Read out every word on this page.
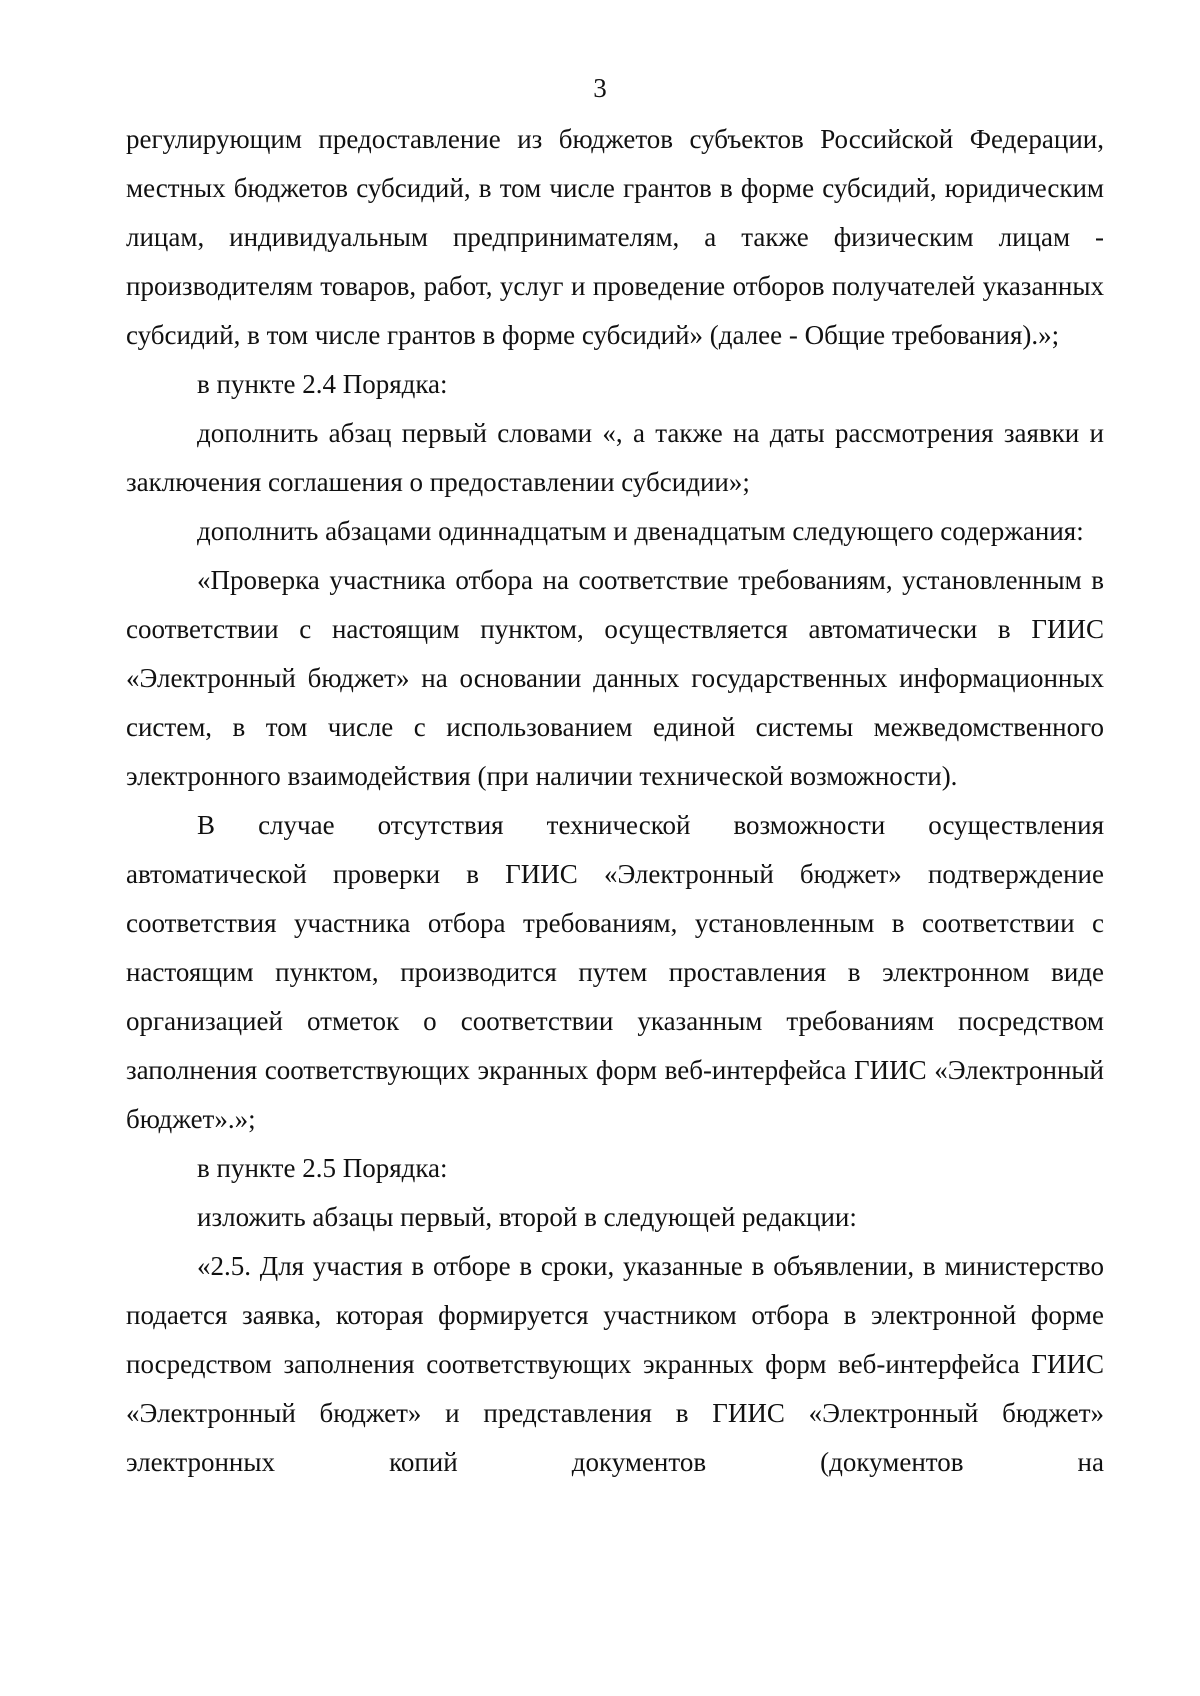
3

регулирующим предоставление из бюджетов субъектов Российской Федерации, местных бюджетов субсидий, в том числе грантов в форме субсидий, юридическим лицам, индивидуальным предпринимателям, а также физическим лицам - производителям товаров, работ, услуг и проведение отборов получателей указанных субсидий, в том числе грантов в форме субсидий» (далее - Общие требования).»;

в пункте 2.4 Порядка:

дополнить абзац первый словами «, а также на даты рассмотрения заявки и заключения соглашения о предоставлении субсидии»;

дополнить абзацами одиннадцатым и двенадцатым следующего содержания:

«Проверка участника отбора на соответствие требованиям, установленным в соответствии с настоящим пунктом, осуществляется автоматически в ГИИС «Электронный бюджет» на основании данных государственных информационных систем, в том числе с использованием единой системы межведомственного электронного взаимодействия (при наличии технической возможности).

В случае отсутствия технической возможности осуществления автоматической проверки в ГИИС «Электронный бюджет» подтверждение соответствия участника отбора требованиям, установленным в соответствии с настоящим пунктом, производится путем проставления в электронном виде организацией отметок о соответствии указанным требованиям посредством заполнения соответствующих экранных форм веб-интерфейса ГИИС «Электронный бюджет».»;

в пункте 2.5 Порядка:

изложить абзацы первый, второй в следующей редакции:

«2.5. Для участия в отборе в сроки, указанные в объявлении, в министерство подается заявка, которая формируется участником отбора в электронной форме посредством заполнения соответствующих экранных форм веб-интерфейса ГИИС «Электронный бюджет» и представления в ГИИС «Электронный бюджет» электронных копий документов (документов на
